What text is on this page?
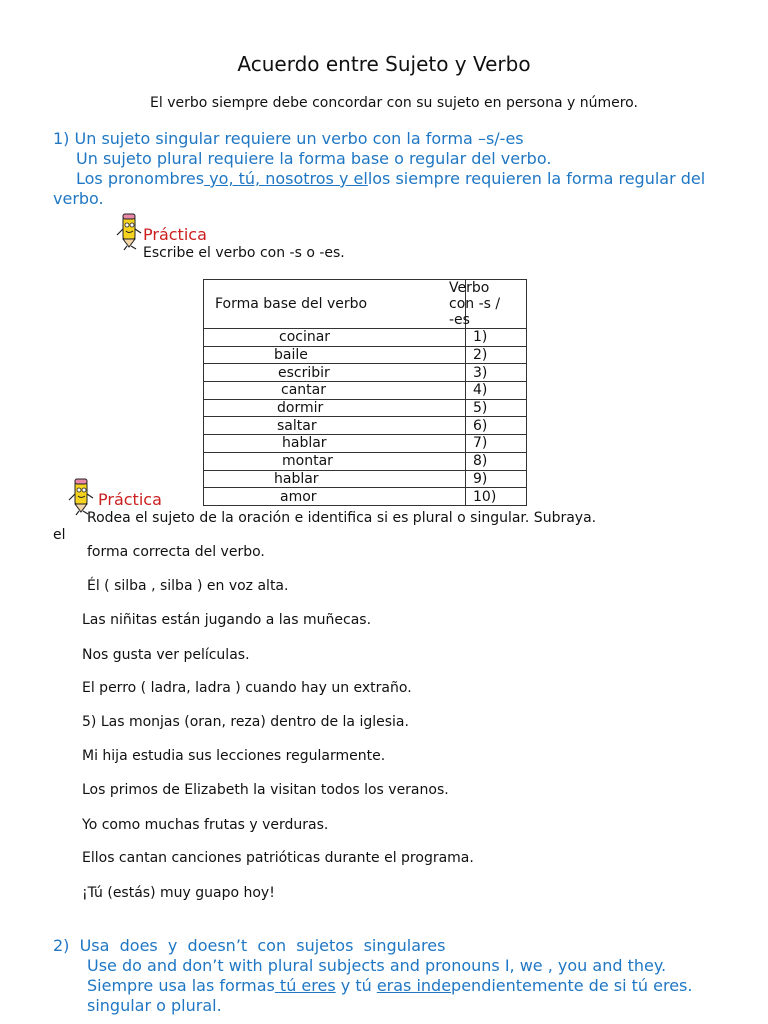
Acuerdo entre Sujeto y Verbo
El verbo siempre debe concordar con su sujeto en persona y número.
1) Un sujeto singular requiere un verbo con la forma –s/-es
Un sujeto plural requiere la forma base o regular del verbo.
Los pronombres yo, tú, nosotros y ellos siempre requieren la forma regular del
verbo.
Práctica
Escribe el verbo con -s o -es.
Forma base del verbo	Verbo con -s / -es
cocinar	1)
baile	2)
escribir	3)
cantar	4)
dormir	5)
saltar	6)
hablar	7)
montar	8)
hablar	9)
amor	10)
Práctica
Rodea el sujeto de la oración e identifica si es plural o singular. Subraya.
el
forma correcta del verbo.
Él ( silba , silba ) en voz alta.
Las niñitas están jugando a las muñecas.
Nos gusta ver películas.
El perro ( ladra, ladra ) cuando hay un extraño.
5) Las monjas (oran, reza) dentro de la iglesia.
Mi hija estudia sus lecciones regularmente.
Los primos de Elizabeth la visitan todos los veranos.
Yo como muchas frutas y verduras.
Ellos cantan canciones patrióticas durante el programa.
¡Tú (estás) muy guapo hoy!
2)  Usa  does  y  doesn’t  con  sujetos  singulares
Use do and don’t with plural subjects and pronouns I, we , you and they.
Siempre usa las formas tú eres y tú eras independientemente de si tú eres.
singular o plural.
